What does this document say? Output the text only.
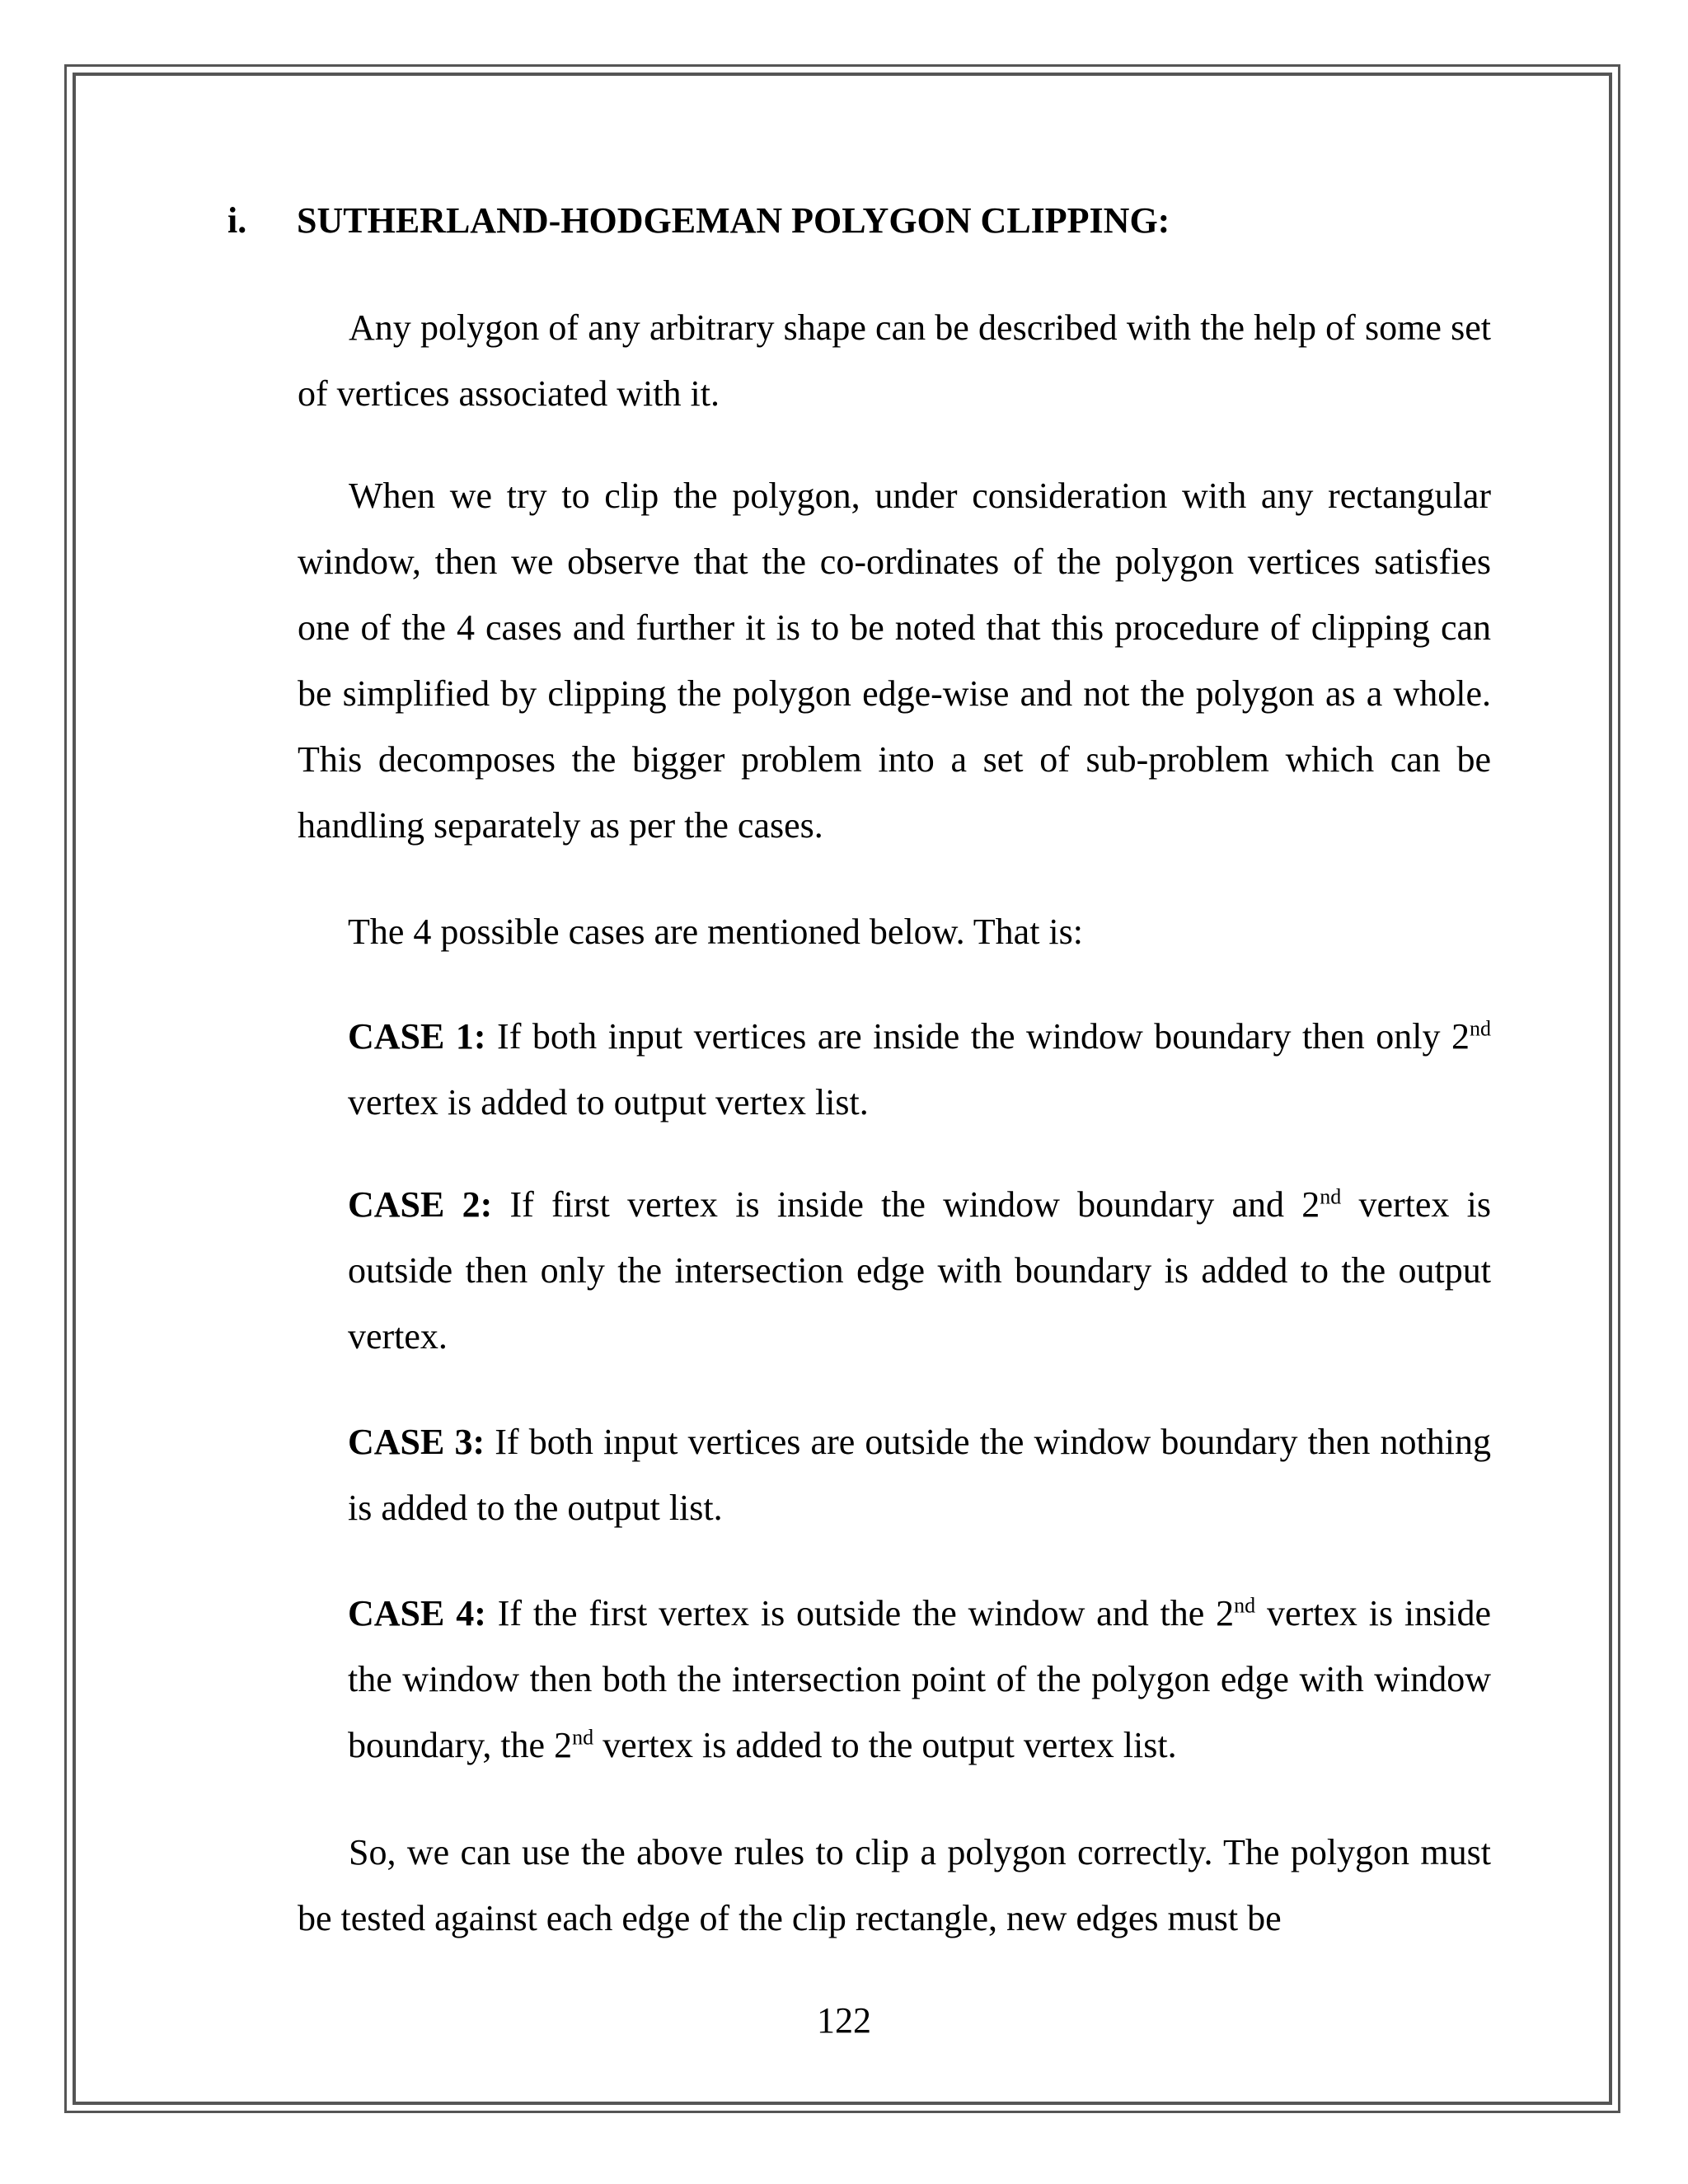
i. SUTHERLAND-HODGEMAN POLYGON CLIPPING:

Any polygon of any arbitrary shape can be described with the help of some set of vertices associated with it.

When we try to clip the polygon, under consideration with any rectangular window, then we observe that the co-ordinates of the polygon vertices satisfies one of the 4 cases and further it is to be noted that this procedure of clipping can be simplified by clipping the polygon edge-wise and not the polygon as a whole. This decomposes the bigger problem into a set of sub-problem which can be handling separately as per the cases.

The 4 possible cases are mentioned below. That is:

CASE 1: If both input vertices are inside the window boundary then only 2nd vertex is added to output vertex list.

CASE 2: If first vertex is inside the window boundary and 2nd vertex is outside then only the intersection edge with boundary is added to the output vertex.

CASE 3: If both input vertices are outside the window boundary then nothing is added to the output list.

CASE 4: If the first vertex is outside the window and the 2nd vertex is inside the window then both the intersection point of the polygon edge with window boundary, the 2nd vertex is added to the output vertex list.

So, we can use the above rules to clip a polygon correctly. The polygon must be tested against each edge of the clip rectangle, new edges must be

122
